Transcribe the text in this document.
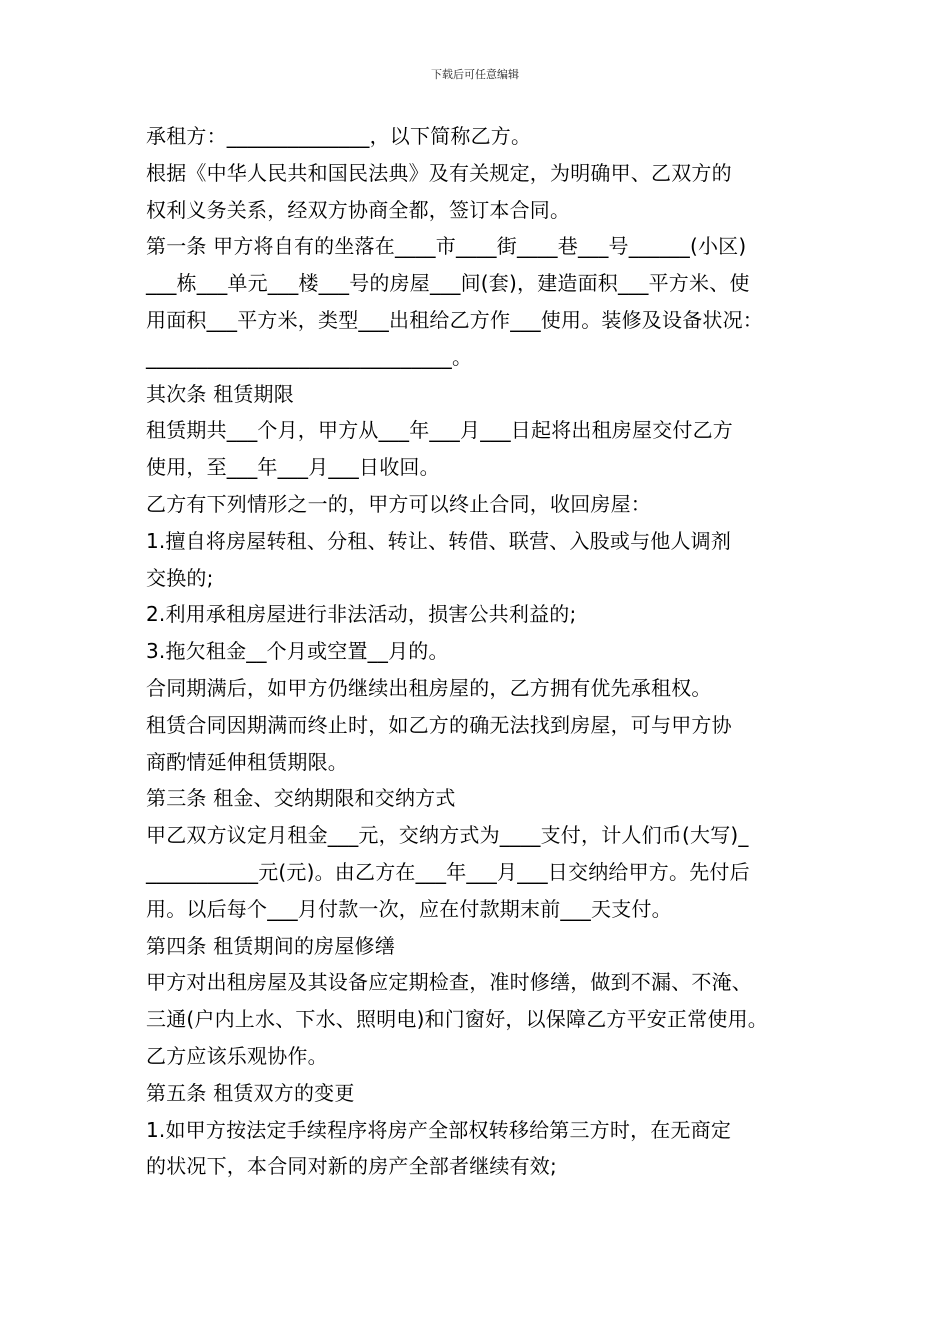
下载后可任意编辑
承租方：______________，以下简称乙方。
根据《中华人民共和国民法典》及有关规定，为明确甲、乙双方的
权利义务关系，经双方协商全都，签订本合同。
第一条 甲方将自有的坐落在____市____街____巷___号______(小区)
___栋___单元___楼___号的房屋___间(套)，建造面积___平方米、使
用面积___平方米，类型___出租给乙方作___使用。装修及设备状况：
______________________________。
其次条 租赁期限
租赁期共___个月，甲方从___年___月___日起将出租房屋交付乙方
使用，至___年___月___日收回。
乙方有下列情形之一的，甲方可以终止合同，收回房屋：
1.擅自将房屋转租、分租、转让、转借、联营、入股或与他人调剂
交换的;
2.利用承租房屋进行非法活动，损害公共利益的;
3.拖欠租金__个月或空置__月的。
合同期满后，如甲方仍继续出租房屋的，乙方拥有优先承租权。
租赁合同因期满而终止时，如乙方的确无法找到房屋，可与甲方协
商酌情延伸租赁期限。
第三条 租金、交纳期限和交纳方式
甲乙双方议定月租金___元，交纳方式为____支付，计人们币(大写)_
___________元(元)。由乙方在___年___月___日交纳给甲方。先付后
用。以后每个___月付款一次，应在付款期末前___天支付。
第四条 租赁期间的房屋修缮
甲方对出租房屋及其设备应定期检查，准时修缮，做到不漏、不淹、
三通(户内上水、下水、照明电)和门窗好，以保障乙方平安正常使用。
乙方应该乐观协作。
第五条 租赁双方的变更
1.如甲方按法定手续程序将房产全部权转移给第三方时，在无商定
的状况下，本合同对新的房产全部者继续有效;
